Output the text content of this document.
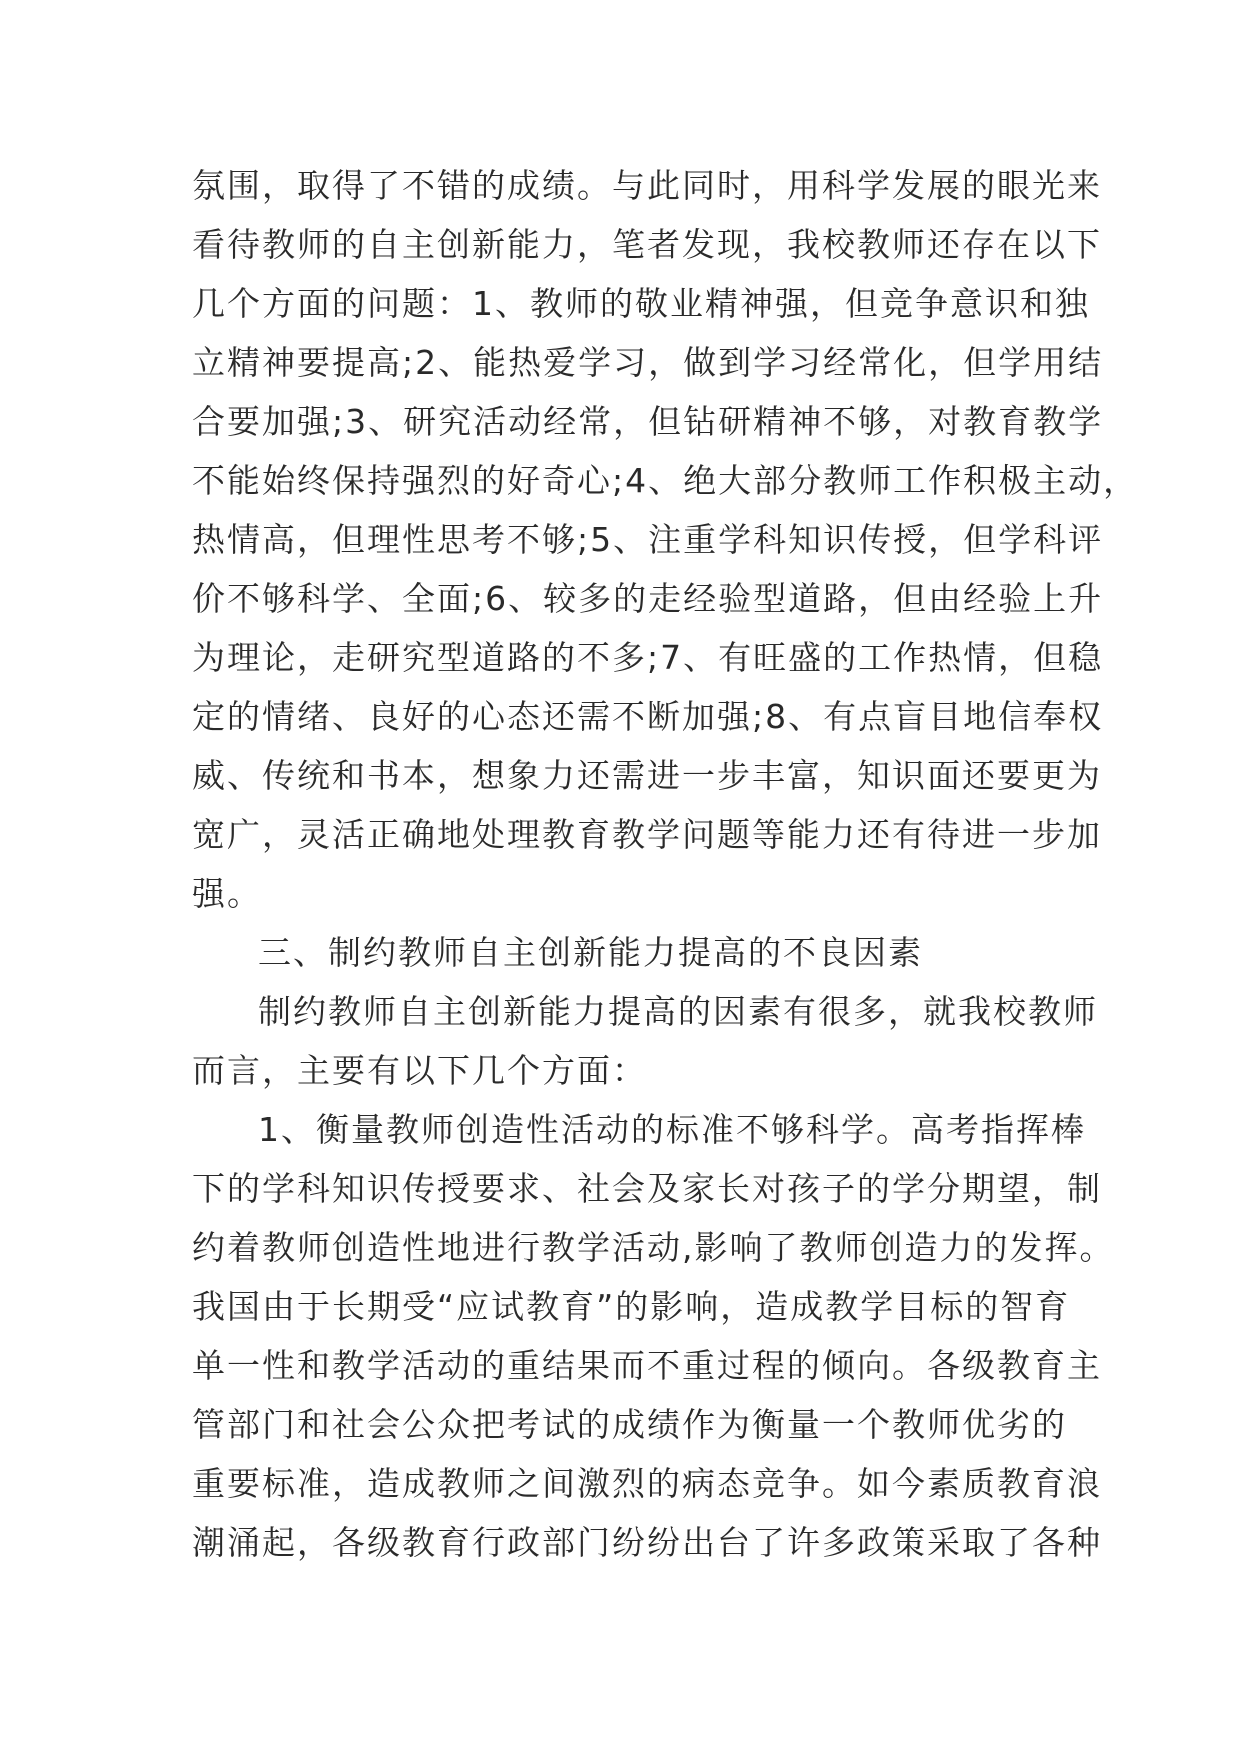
氛围，取得了不错的成绩。与此同时，用科学发展的眼光来
看待教师的自主创新能力，笔者发现，我校教师还存在以下
几个方面的问题：1、教师的敬业精神强，但竞争意识和独
立精神要提高;2、能热爱学习，做到学习经常化，但学用结
合要加强;3、研究活动经常，但钻研精神不够，对教育教学
不能始终保持强烈的好奇心;4、绝大部分教师工作积极主动，
热情高，但理性思考不够;5、注重学科知识传授，但学科评
价不够科学、全面;6、较多的走经验型道路，但由经验上升
为理论，走研究型道路的不多;7、有旺盛的工作热情，但稳
定的情绪、良好的心态还需不断加强;8、有点盲目地信奉权
威、传统和书本，想象力还需进一步丰富，知识面还要更为
宽广，灵活正确地处理教育教学问题等能力还有待进一步加
强。
三、制约教师自主创新能力提高的不良因素
制约教师自主创新能力提高的因素有很多，就我校教师
而言，主要有以下几个方面：
1、衡量教师创造性活动的标准不够科学。高考指挥棒
下的学科知识传授要求、社会及家长对孩子的学分期望，制
约着教师创造性地进行教学活动,影响了教师创造力的发挥。
我国由于长期受“应试教育”的影响，造成教学目标的智育
单一性和教学活动的重结果而不重过程的倾向。各级教育主
管部门和社会公众把考试的成绩作为衡量一个教师优劣的
重要标准，造成教师之间激烈的病态竞争。如今素质教育浪
潮涌起，各级教育行政部门纷纷出台了许多政策采取了各种
